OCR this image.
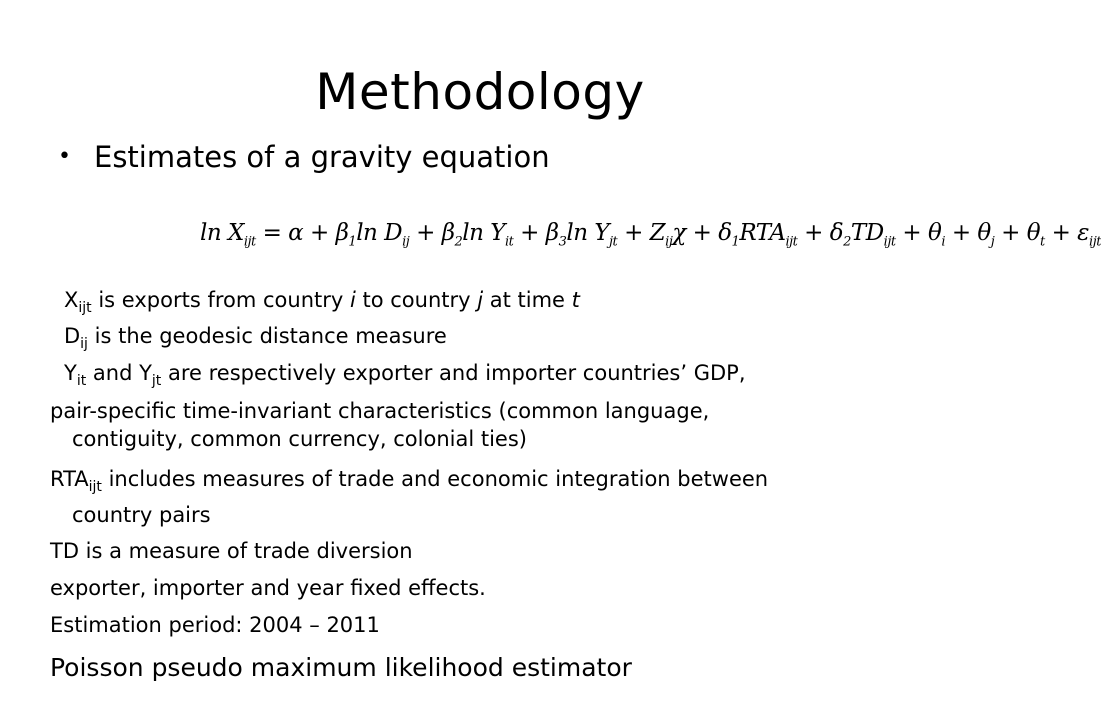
Methodology
• Estimates of a gravity equation
$\ln X_{ijt} = \alpha + \beta_1\ln$ $D_{ij} + \beta_2\ln$ $Y_{it} + \beta_3\ln$ $Y_{jt} + Z_{ij}\chi + \delta_1RTA_{ijt} + \delta_2TD_{ijt} + \theta_i + \theta_j + \theta_t + \varepsilon_{ijt}$
$X_{ijt}$ is exports from country i to country j at time t
$D_{ij}$ is the geodesic distance measure
$Y_{it}$ and $Y_{jt}$ are respectively exporter and importer countries’ GDP,
pair-specific time-invariant characteristics (common language,
contiguity, common currency, colonial ties)
$RTA_{ijt}$ includes measures of trade and economic integration between
country pairs
TD is a measure of trade diversion
exporter, importer and year fixed effects.
Estimation period: 2004 – 2011
Poisson pseudo maximum likelihood estimator
